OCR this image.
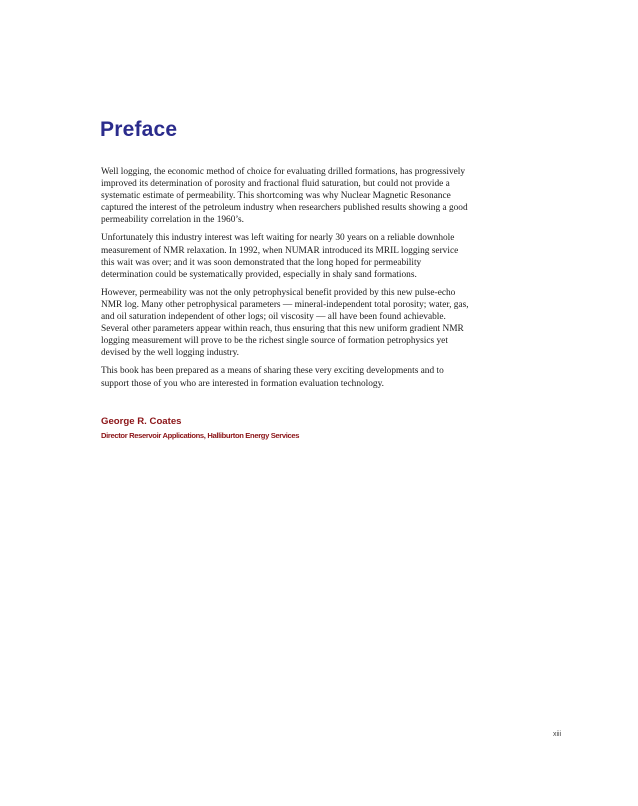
Preface

Well logging, the economic method of choice for evaluating drilled formations, has progressively improved its determination of porosity and fractional fluid saturation, but could not provide a systematic estimate of permeability. This shortcoming was why Nuclear Magnetic Resonance captured the interest of the petroleum industry when researchers published results showing a good permeability correlation in the 1960’s.

Unfortunately this industry interest was left waiting for nearly 30 years on a reliable downhole measurement of NMR relaxation. In 1992, when NUMAR introduced its MRIL logging service this wait was over; and it was soon demonstrated that the long hoped for permeability determination could be systematically provided, especially in shaly sand formations.

However, permeability was not the only petrophysical benefit provided by this new pulse-echo NMR log. Many other petrophysical parameters — mineral-independent total porosity; water, gas, and oil saturation independent of other logs; oil viscosity — all have been found achievable. Several other parameters appear within reach, thus ensuring that this new uniform gradient NMR logging measurement will prove to be the richest single source of formation petrophysics yet devised by the well logging industry.

This book has been prepared as a means of sharing these very exciting developments and to support those of you who are interested in formation evaluation technology.

George R. Coates

Director Reservoir Applications, Halliburton Energy Services

xiii
